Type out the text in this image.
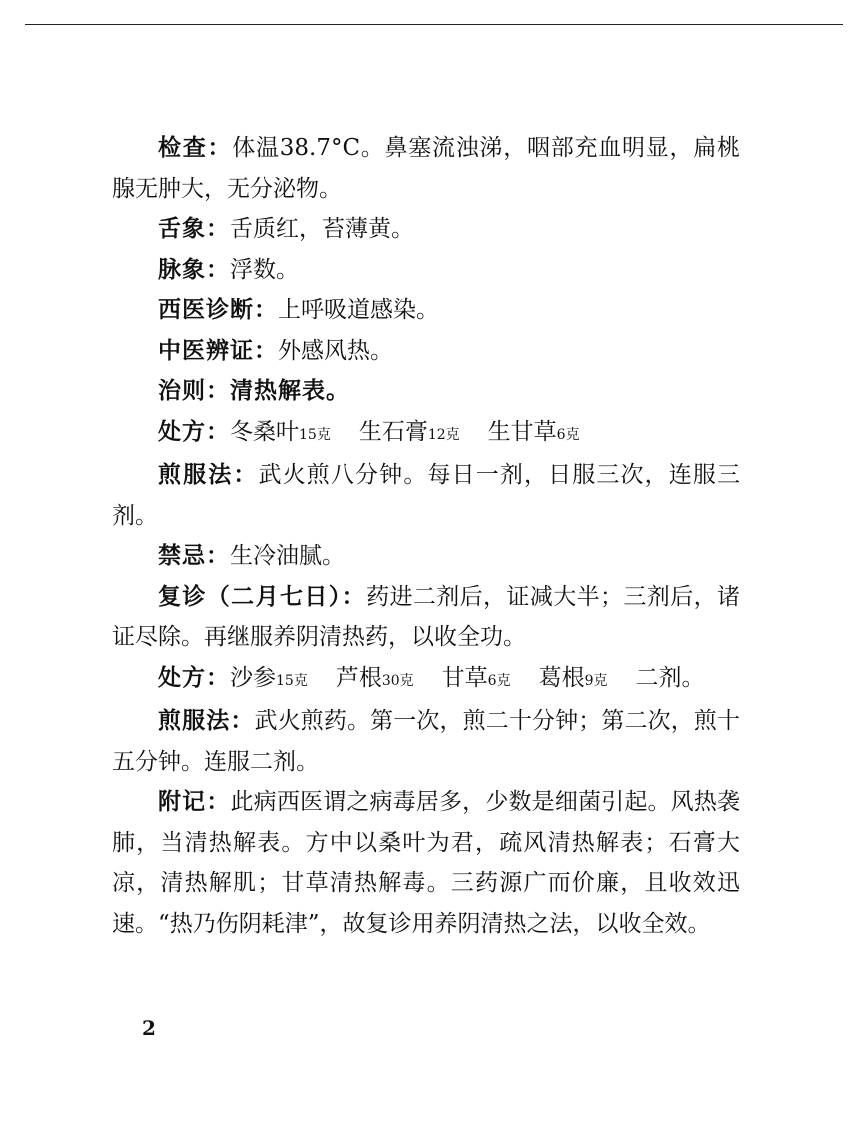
检查：体温38.7°C。鼻塞流浊涕，咽部充血明显，扁桃腺无肿大，无分泌物。

舌象：舌质红，苔薄黄。

脉象：浮数。

西医诊断：上呼吸道感染。

中医辨证：外感风热。

治则：清热解表。

处方：冬桑叶15克 生石膏12克 生甘草6克

煎服法：武火煎八分钟。每日一剂，日服三次，连服三剂。

禁忌：生冷油腻。

复诊（二月七日）：药进二剂后，证减大半；三剂后，诸证尽除。再继服养阴清热药，以收全功。

处方：沙参15克 芦根30克 甘草6克 葛根9克 二剂。

煎服法：武火煎药。第一次，煎二十分钟；第二次，煎十五分钟。连服二剂。

附记：此病西医谓之病毒居多，少数是细菌引起。风热袭肺，当清热解表。方中以桑叶为君，疏风清热解表；石膏大凉，清热解肌；甘草清热解毒。三药源广而价廉，且收效迅速。“热乃伤阴耗津”，故复诊用养阴清热之法，以收全效。

2
